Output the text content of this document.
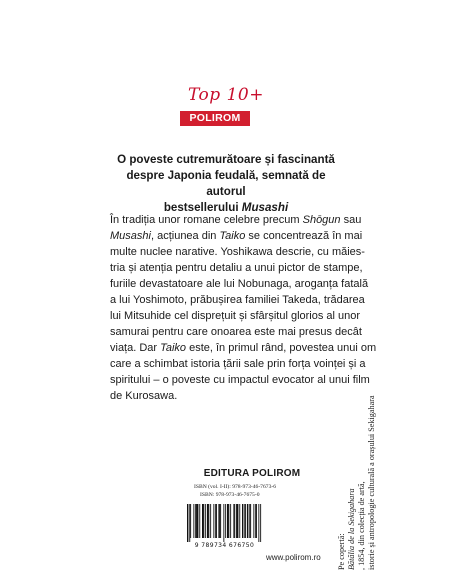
Top 10+
POLIROM
O poveste cutremurătoare și fascinantă
despre Japonia feudală, semnată de autorul
bestsellerului Musashi
În tradiția unor romane celebre precum Shōgun sau
Musashi, acțiunea din Taiko se concentrează în mai
multe nuclee narative. Yoshikawa descrie, cu măies-
tria și atenția pentru detaliu a unui pictor de stampe,
furiile devastatoare ale lui Nobunaga, aroganța fatală
a lui Yoshimoto, prăbușirea familiei Takeda, trădarea
lui Mitsuhide cel disprețuit și sfârșitul glorios al unor
samurai pentru care onoarea este mai presus decât
viața. Dar Taiko este, în primul rând, povestea unui om
care a schimbat istoria țării sale prin forța voinței și a
spiritului – o poveste cu impactul evocator al unui film
de Kurosawa.
EDITURA POLIROM
ISBN (vol. I-II): 978-973-46-7673-6
ISBN: 978-973-46-7675-0
9 789734 676750
www.polirom.ro	Pe copertă: Bătălia de la Sekigahara , 1854, din colecția de artă, istorie și antropologie culturală a orașului Sekigahara
